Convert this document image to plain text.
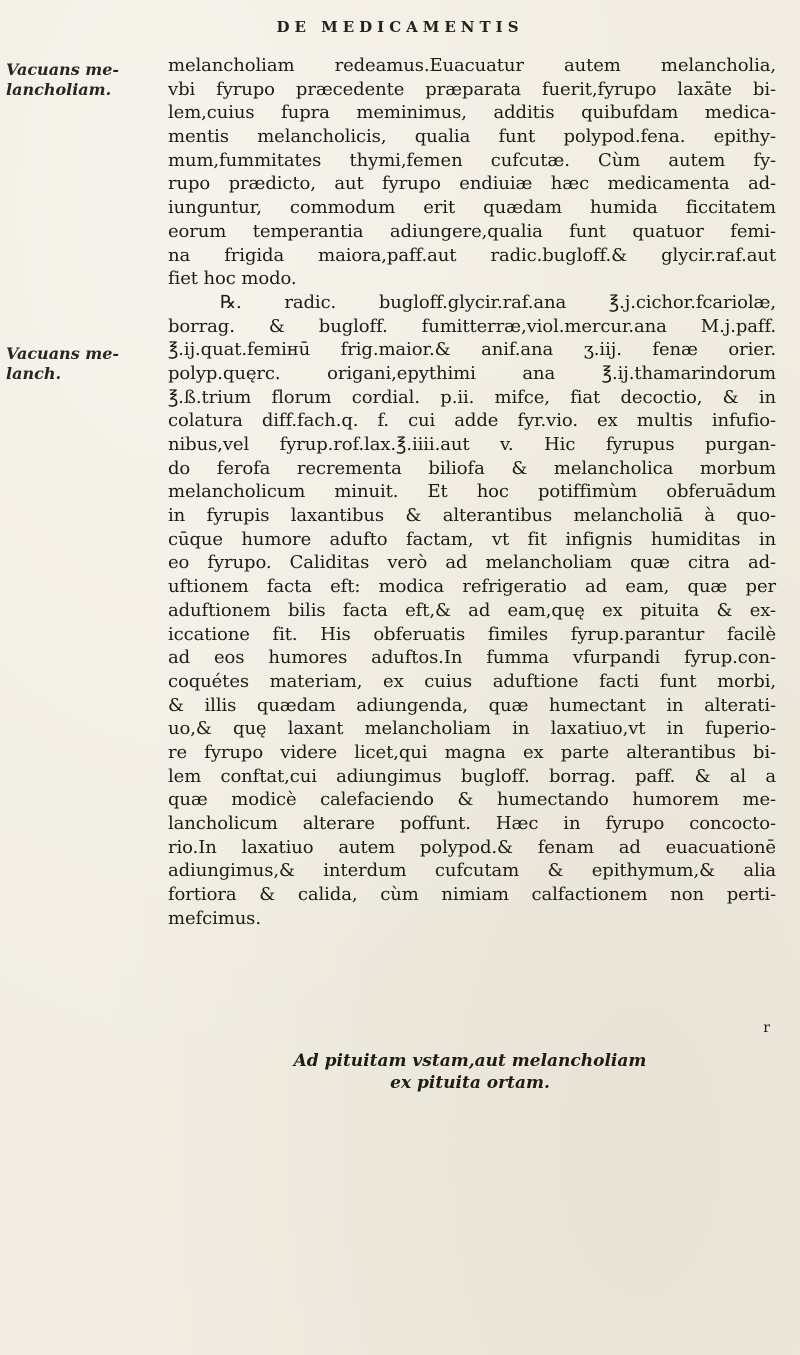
DE MEDICAMENTIS
Vacuans me-
lancholiam.
Vacuans me-
lanch.
melancholiam redeamus.Euacuatur autem melancholia,
vbi fyrupo præcedente præparata fuerit,fyrupo laxāte bi-
lem,cuius fupra meminimus, additis quibufdam medica-
mentis melancholicis, qualia funt polypod.fena. epithy-
mum,fummitates thymi,femen cufcutæ. Cùm autem fy-
rupo prædicto, aut fyrupo endiuiæ hæc medicamenta ad-
iunguntur, commodum erit quædam humida ficcitatem
eorum temperantia adiungere,qualia funt quatuor femi-
na frigida maiora,paff.aut radic.bugloff.& glycir.raf.aut
fiet hoc modo.
℞. radic. bugloff.glycir.raf.ana ℥.j.cichor.fcariolæ,
borrag. & bugloff. fumitterræ,viol.mercur.ana M.j.paff.
℥.ij.quat.femінū frig.maior.& anif.ana ʒ.iij. fenæ orier.
polyp.quęrc. origani,epythimi ana ℥.ij.thamarindorum
℥.ß.trium florum cordial. p.ii. mifce, fiat decoctio, & in
colatura diff.fach.q. f. cui adde fyr.vio. ex multis infufio-
nibus,vel fyrup.rof.lax.℥.iiii.aut v. Hic fyrupus purgan-
do ferofa recrementa biliofa & melancholica morbum
melancholicum minuit. Et hoc potiffimùm obferuādum
in fyrupis laxantibus & alterantibus melancholiā à quo-
cūque humore adufto factam, vt fit infignis humiditas in
eo fyrupo. Caliditas verò ad melancholiam quæ citra ad-
uftionem facta eft: modica refrigeratio ad eam, quæ per
aduftionem bilis facta eft,& ad eam,quę ex pituita & ex-
iccatione fit. His obferuatis fimiles fyrup.parantur facilè
ad eos humores aduftos.In fumma vfurpandi fyrup.con-
coquétes materiam, ex cuius aduftione facti funt morbi,
& illis quædam adiungenda, quæ humectant in alterati-
uo,& quę laxant melancholiam in laxatiuo,vt in fuperio-
re fyrupo videre licet,qui magna ex parte alterantibus bi-
lem conftat,cui adiungimus bugloff. borrag. paff. & al a
quæ modicè calefaciendo & humectando humorem me-
lancholicum alterare poffunt. Hæc in fyrupo concocto-
rio.In laxatiuo autem polypod.& fenam ad euacuationē
adiungimus,& interdum cufcutam & epithymum,& alia
fortiora & calida, cùm nimiam calfactionem non perti-
mefcimus.
r
Ad pituitam vstam,aut melancholiam
ex pituita ortam.
